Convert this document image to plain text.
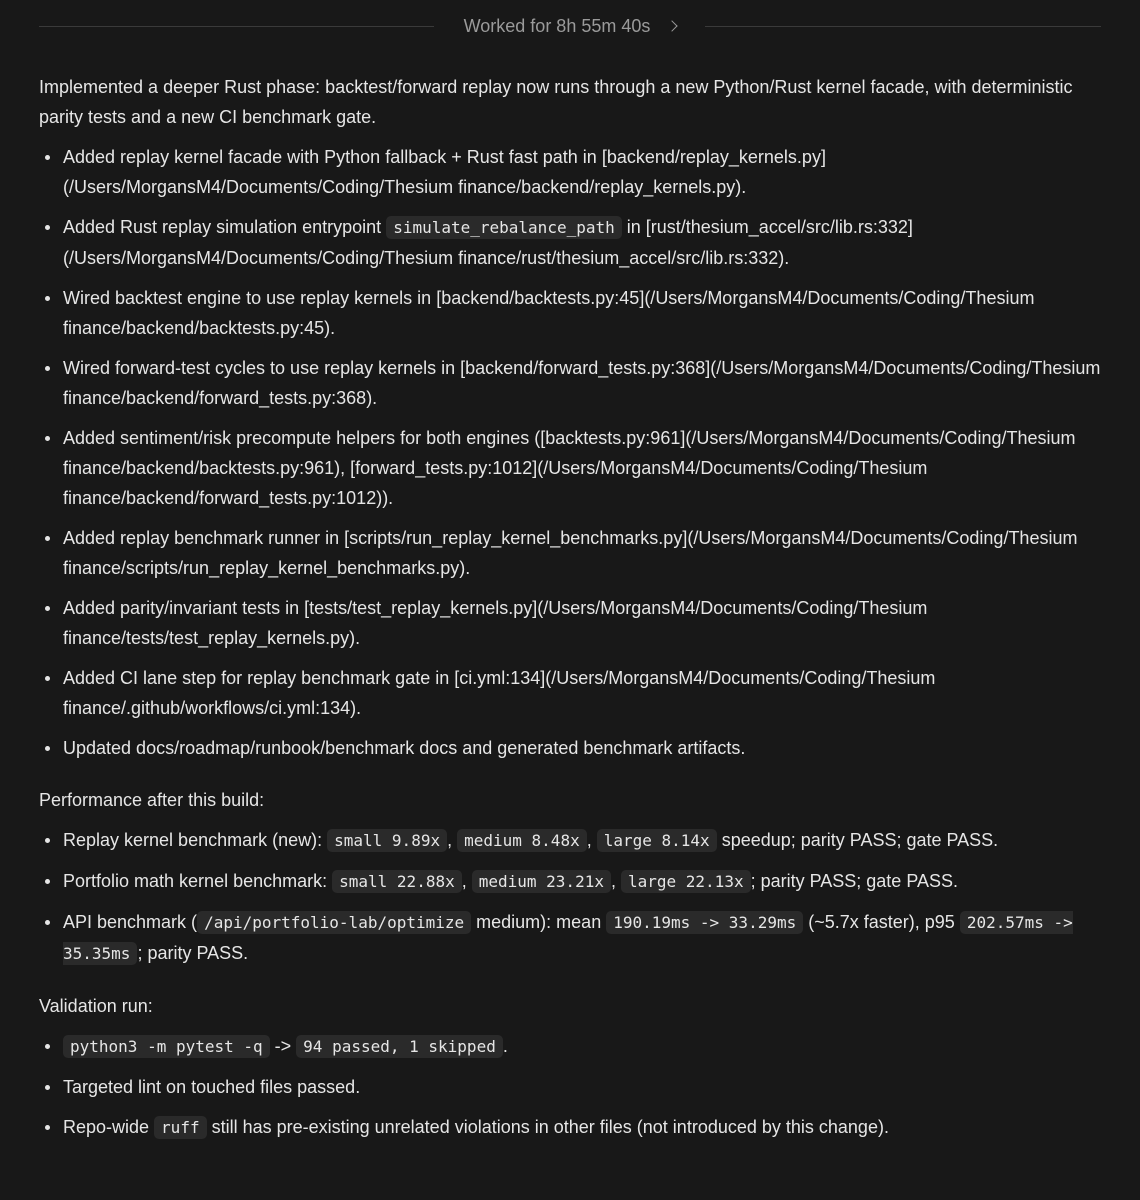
Worked for 8h 55m 40s

Implemented a deeper Rust phase: backtest/forward replay now runs through a new Python/Rust kernel facade, with deterministic parity tests and a new CI benchmark gate.

Added replay kernel facade with Python fallback + Rust fast path in [backend/replay_kernels.py](/Users/MorgansM4/Documents/Coding/Thesium finance/backend/replay_kernels.py).
Added Rust replay simulation entrypoint simulate_rebalance_path in [rust/thesium_accel/src/lib.rs:332](/Users/MorgansM4/Documents/Coding/Thesium finance/rust/thesium_accel/src/lib.rs:332).
Wired backtest engine to use replay kernels in [backend/backtests.py:45](/Users/MorgansM4/Documents/Coding/Thesium finance/backend/backtests.py:45).
Wired forward-test cycles to use replay kernels in [backend/forward_tests.py:368](/Users/MorgansM4/Documents/Coding/Thesium finance/backend/forward_tests.py:368).
Added sentiment/risk precompute helpers for both engines ([backtests.py:961](/Users/MorgansM4/Documents/Coding/Thesium finance/backend/backtests.py:961), [forward_tests.py:1012](/Users/MorgansM4/Documents/Coding/Thesium finance/backend/forward_tests.py:1012)).
Added replay benchmark runner in [scripts/run_replay_kernel_benchmarks.py](/Users/MorgansM4/Documents/Coding/Thesium finance/scripts/run_replay_kernel_benchmarks.py).
Added parity/invariant tests in [tests/test_replay_kernels.py](/Users/MorgansM4/Documents/Coding/Thesium finance/tests/test_replay_kernels.py).
Added CI lane step for replay benchmark gate in [ci.yml:134](/Users/MorgansM4/Documents/Coding/Thesium finance/.github/workflows/ci.yml:134).
Updated docs/roadmap/runbook/benchmark docs and generated benchmark artifacts.

Performance after this build:

Replay kernel benchmark (new): small 9.89x , medium 8.48x , large 8.14x speedup; parity PASS; gate PASS.
Portfolio math kernel benchmark: small 22.88x , medium 23.21x , large 22.13x ; parity PASS; gate PASS.
API benchmark ( /api/portfolio-lab/optimize medium): mean 190.19ms -> 33.29ms (~5.7x faster), p95 202.57ms -> 35.35ms ; parity PASS.

Validation run:

python3 -m pytest -q -> 94 passed, 1 skipped .
Targeted lint on touched files passed.
Repo-wide ruff still has pre-existing unrelated violations in other files (not introduced by this change).
